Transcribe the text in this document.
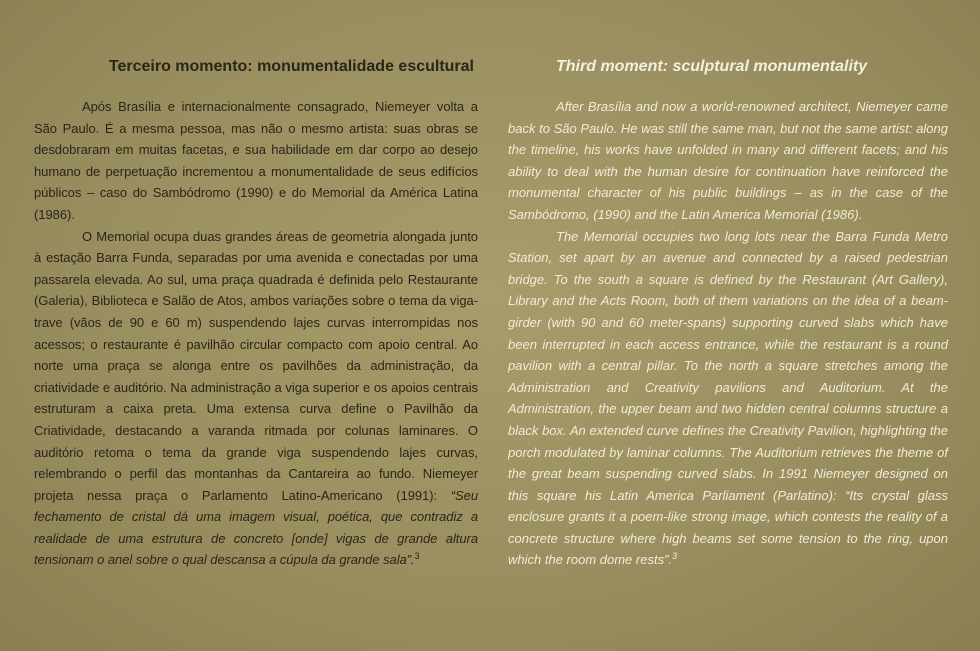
Terceiro momento: monumentalidade escultural

Após Brasília e internacionalmente consagrado, Niemeyer volta a São Paulo. É a mesma pessoa, mas não o mesmo artista: suas obras se desdobraram em muitas facetas, e sua habilidade em dar corpo ao desejo humano de perpetuação incrementou a monumentalidade de seus edifícios públicos – caso do Sambódromo (1990) e do Memorial da América Latina (1986).

O Memorial ocupa duas grandes áreas de geometria alongada junto à estação Barra Funda, separadas por uma avenida e conectadas por uma passarela elevada. Ao sul, uma praça quadrada é definida pelo Restaurante (Galeria), Biblioteca e Salão de Atos, ambos variações sobre o tema da viga-trave (vãos de 90 e 60 m) suspendendo lajes curvas interrompidas nos acessos; o restaurante é pavilhão circular compacto com apoio central. Ao norte uma praça se alonga entre os pavilhões da administração, da criatividade e auditório. Na administração a viga superior e os apoios centrais estruturam a caixa preta. Uma extensa curva define o Pavilhão da Criatividade, destacando a varanda ritmada por colunas laminares. O auditório retoma o tema da grande viga suspendendo lajes curvas, relembrando o perfil das montanhas da Cantareira ao fundo. Niemeyer projeta nessa praça o Parlamento Latino-Americano (1991): “Seu fechamento de cristal dá uma imagem visual, poética, que contradiz a realidade de uma estrutura de concreto [onde] vigas de grande altura tensionam o anel sobre o qual descansa a cúpula da grande sala”.$^3$

Third moment: sculptural monumentality

After Brasília and now a world-renowned architect, Niemeyer came back to São Paulo. He was still the same man, but not the same artist: along the timeline, his works have unfolded in many and different facets; and his ability to deal with the human desire for continuation have reinforced the monumental character of his public buildings – as in the case of the Sambódromo, (1990) and the Latin America Memorial (1986).

The Memorial occupies two long lots near the Barra Funda Metro Station, set apart by an avenue and connected by a raised pedestrian bridge. To the south a square is defined by the Restaurant (Art Gallery), Library and the Acts Room, both of them variations on the idea of a beam-girder (with 90 and 60 meter-spans) supporting curved slabs which have been interrupted in each access entrance, while the restaurant is a round pavilion with a central pillar. To the north a square stretches among the Administration and Creativity pavilions and Auditorium. At the Administration, the upper beam and two hidden central columns structure a black box. An extended curve defines the Creativity Pavilion, highlighting the porch modulated by laminar columns. The Auditorium retrieves the theme of the great beam suspending curved slabs. In 1991 Niemeyer designed on this square his Latin America Parliament (Parlatino): “Its crystal glass enclosure grants it a poem-like strong image, which contests the reality of a concrete structure where high beams set some tension to the ring, upon which the room dome rests”.$^3$
